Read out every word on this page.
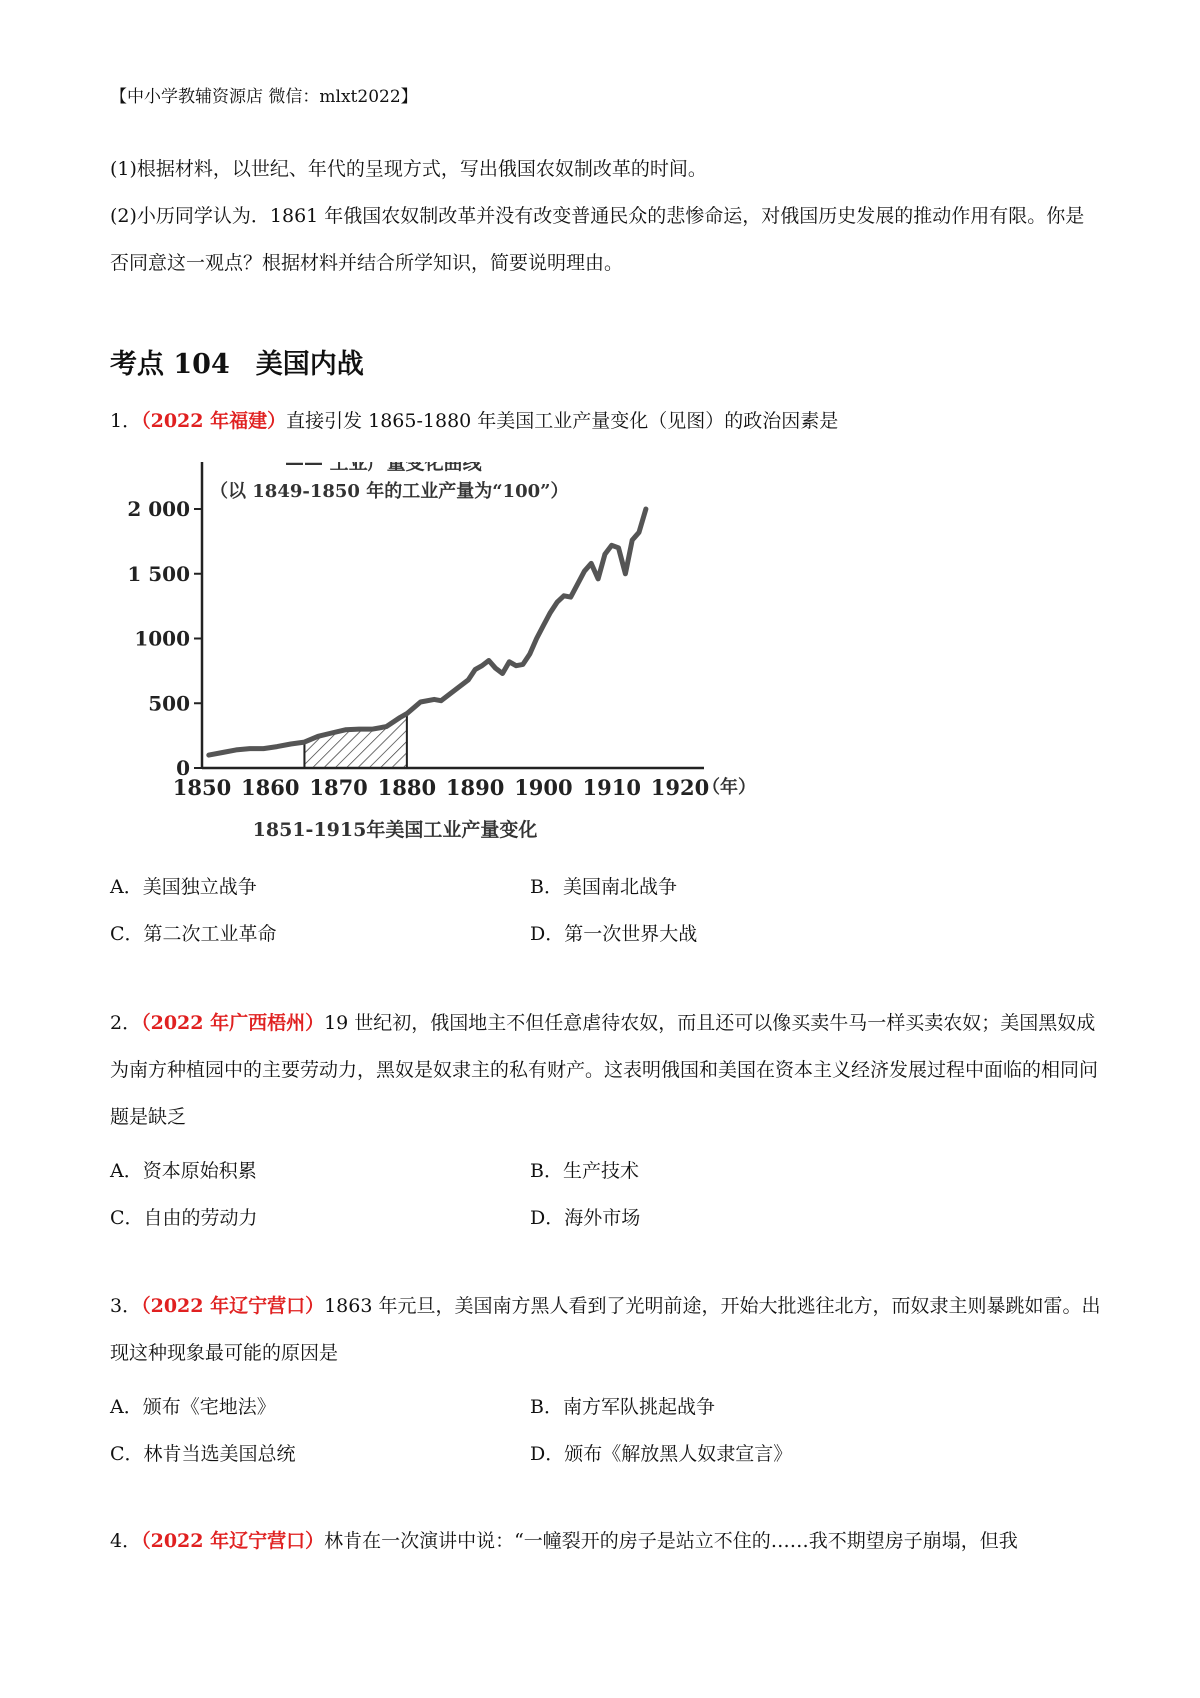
【中小学教辅资源店 微信：mlxt2022】
(1)根据材料，以世纪、年代的呈现方式，写出俄国农奴制改革的时间。
(2)小历同学认为．1861 年俄国农奴制改革并没有改变普通民众的悲惨命运，对俄国历史发展的推动作用有限。你是否同意这一观点？根据材料并结合所学知识，简要说明理由。
考点 104 美国内战
1．（2022 年福建）直接引发 1865-1880 年美国工业产量变化（见图）的政治因素是
0
500
1000
1 500
2 000
1850 1860 1870 1880 1890 1900 1910 1920
（年）
—— 工业产量变化曲线
（以 1849-1850 年的工业产量为“100”）
1851-1915年美国工业产量变化
A．美国独立战争	B．美国南北战争
C．第二次工业革命	D．第一次世界大战
2．（2022 年广西梧州）19 世纪初，俄国地主不但任意虐待农奴，而且还可以像买卖牛马一样买卖农奴；美国黑奴成为南方种植园中的主要劳动力，黑奴是奴隶主的私有财产。这表明俄国和美国在资本主义经济发展过程中面临的相同问题是缺乏
A．资本原始积累	B．生产技术
C．自由的劳动力	D．海外市场
3．（2022 年辽宁营口）1863 年元旦，美国南方黑人看到了光明前途，开始大批逃往北方，而奴隶主则暴跳如雷。出现这种现象最可能的原因是
A．颁布《宅地法》	B．南方军队挑起战争
C．林肯当选美国总统	D．颁布《解放黑人奴隶宣言》
4．（2022 年辽宁营口）林肯在一次演讲中说：“一幢裂开的房子是站立不住的……我不期望房子崩塌，但我
